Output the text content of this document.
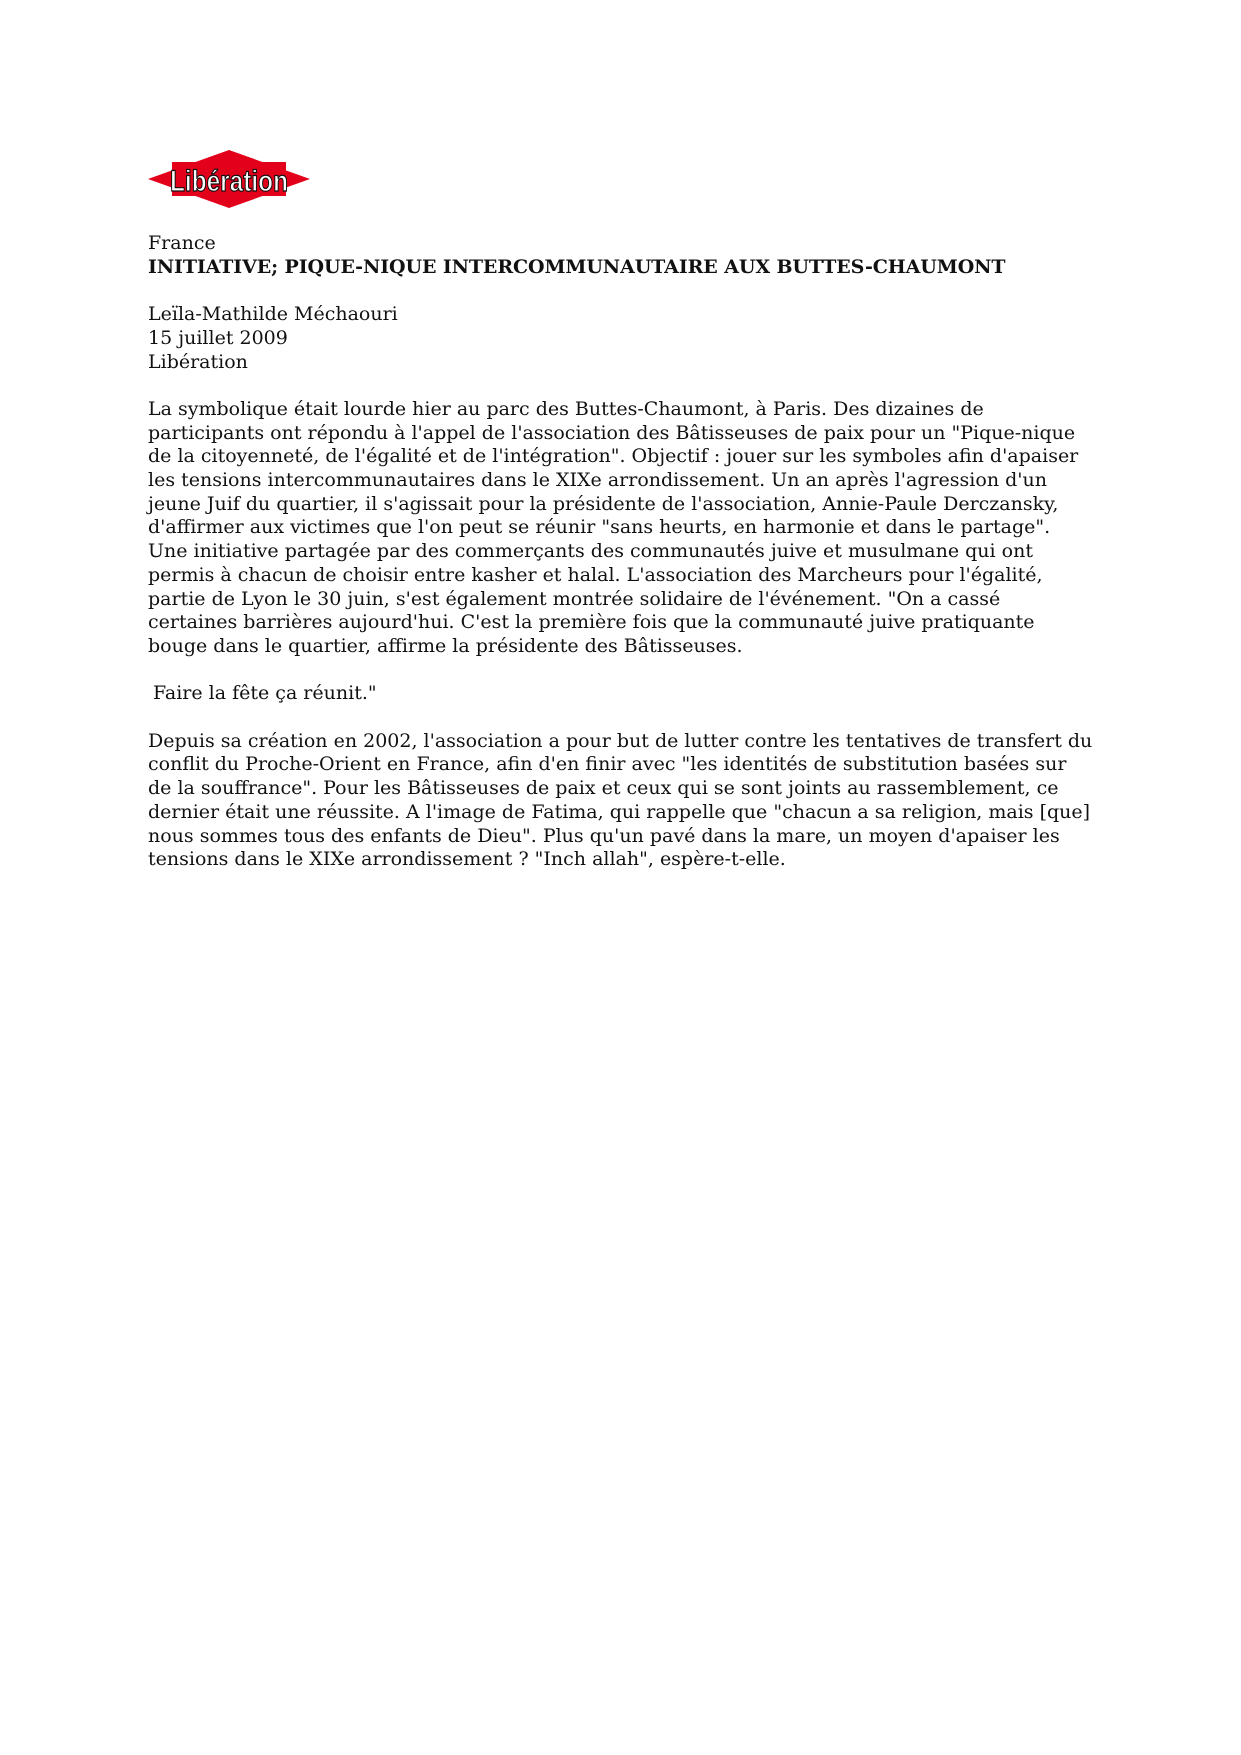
Libération
France
INITIATIVE; PIQUE-NIQUE INTERCOMMUNAUTAIRE AUX BUTTES-CHAUMONT
Leïla-Mathilde Méchaouri
15 juillet 2009
Libération

La symbolique était lourde hier au parc des Buttes-Chaumont, à Paris. Des dizaines de participants ont répondu à l'appel de l'association des Bâtisseuses de paix pour un "Pique-nique de la citoyenneté, de l'égalité et de l'intégration". Objectif : jouer sur les symboles afin d'apaiser les tensions intercommunautaires dans le XIXe arrondissement. Un an après l'agression d'un jeune Juif du quartier, il s'agissait pour la présidente de l'association, Annie-Paule Derczansky, d'affirmer aux victimes que l'on peut se réunir "sans heurts, en harmonie et dans le partage". Une initiative partagée par des commerçants des communautés juive et musulmane qui ont permis à chacun de choisir entre kasher et halal. L'association des Marcheurs pour l'égalité, partie de Lyon le 30 juin, s'est également montrée solidaire de l'événement. "On a cassé certaines barrières aujourd'hui. C'est la première fois que la communauté juive pratiquante bouge dans le quartier, affirme la présidente des Bâtisseuses.

Faire la fête ça réunit."

Depuis sa création en 2002, l'association a pour but de lutter contre les tentatives de transfert du conflit du Proche-Orient en France, afin d'en finir avec "les identités de substitution basées sur de la souffrance". Pour les Bâtisseuses de paix et ceux qui se sont joints au rassemblement, ce dernier était une réussite. A l'image de Fatima, qui rappelle que "chacun a sa religion, mais [que] nous sommes tous des enfants de Dieu". Plus qu'un pavé dans la mare, un moyen d'apaiser les tensions dans le XIXe arrondissement ? "Inch allah", espère-t-elle.
